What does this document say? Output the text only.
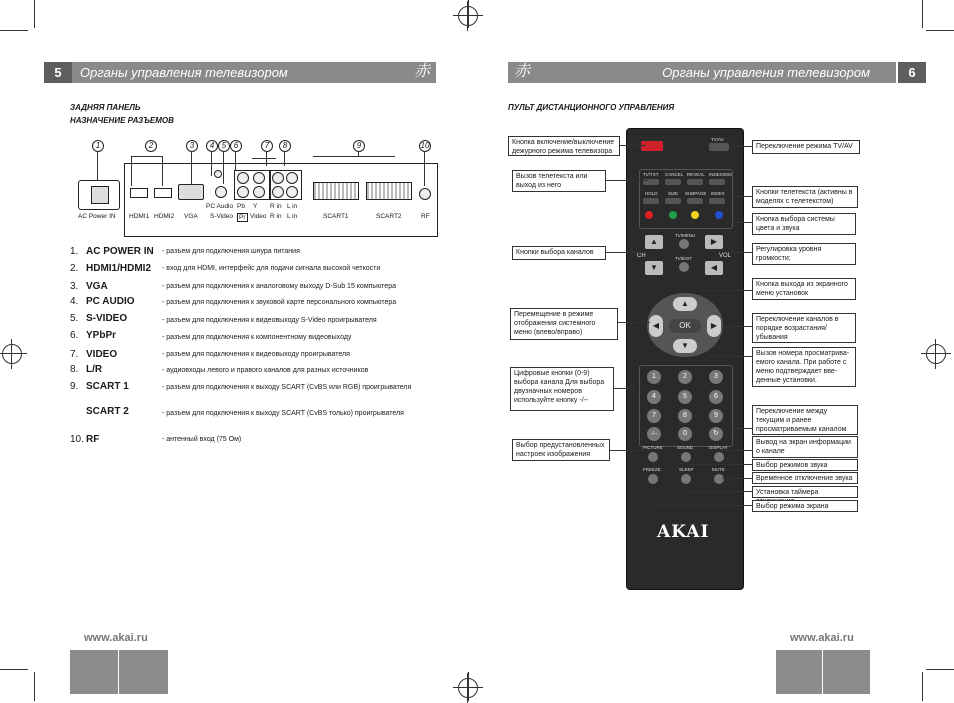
5	Органы управления телевизором	赤
ЗАДНЯЯ ПАНЕЛЬ
НАЗНАЧЕНИЕ РАЗЪЕМОВ
1	2	3	4 5 6	7	8	9	10
AC Power IN HDMI1 HDMI2 VGA
PC Audio
S-Video
Pb Y
Pr Video
R in L in
R in L in	SCART1	SCART2	RF
1. AC POWER IN - разъем для подключения шнура питания
2. HDMI1/HDMI2 - вход для HDMI, интерфейс для подачи сигнала высокой четкости
3. VGA	- разъем для подключения к аналоговому выходу D-Sub 15 компьютера
4. PC AUDIO	- разъем для подключения к звуковой карте персонального компьютера
5. S-VIDEO	- разъем для подключения к видеовыходу S-Video проигрывателя
6. YPbPr	- разъем для подключения к компонентному видеовыходу
7. VIDEO	- разъем для подключения к видеовыходу проигрывателя
8. L/R	- аудиовходы левого и правого каналов для разных источников
9. SCART 1	- разъем для подключения к выходу SCART (CvBS или RGB) проигрывателя
SCART 2	- разъем для подключения к выходу SCART (CvBS только) проигрывателя
10. RF	- антенный вход (75 Ом)
www.akai.ru
赤	Органы управления телевизором	6
ПУЛЬТ ДИСТАНЦИОННОГО УПРАВЛЕНИЯ
TV/AV
TV/TXT CANCEL REVEAL INDEX/MIX
HOLD SIZE SUBPAGE INDEX
TV/MENU
▲	▶
CH	VOL
TV/EXIT
▼	◀
▲
◀	▶
▼
OK
1	2	3
4	5	6
7	8	9
-/--	0	↻
PICTURE	SOUND	DISPLAY
FREEZE	SLEEP	MUTE
AKAI
Кнопка включение/выключение дежурного режима телевизора
Вызов телетекста или выход из него
Кнопки выбора каналов
Перемещение в режиме отображения системного меню (влево/вправо)
Цифровые кнопки (0-9) выбора канала Для выбора двузначных номеров используйте кнопку -/--
Выбор предустановленных настроек изображения
Переключение режима TV/AV
Кнопки телетекста (активны в моделях с телетекстом)
Кнопка выбора системы цвета и звука
Регулировка уровня громкости;
Кнопка выхода из экранного меню установок
Переключение каналов в порядке возрастания/ убывания
Вызов номера просматрива-емого канала. При работе с меню подтверждает вве-денные установки.
Переключение между текущим и ранее просматриваемым каналом
Вывод на экран информации о канале
Выбор режимов звука
Временное отключение звука
Установка таймера
Выбор режима экрана
www.akai.ru
